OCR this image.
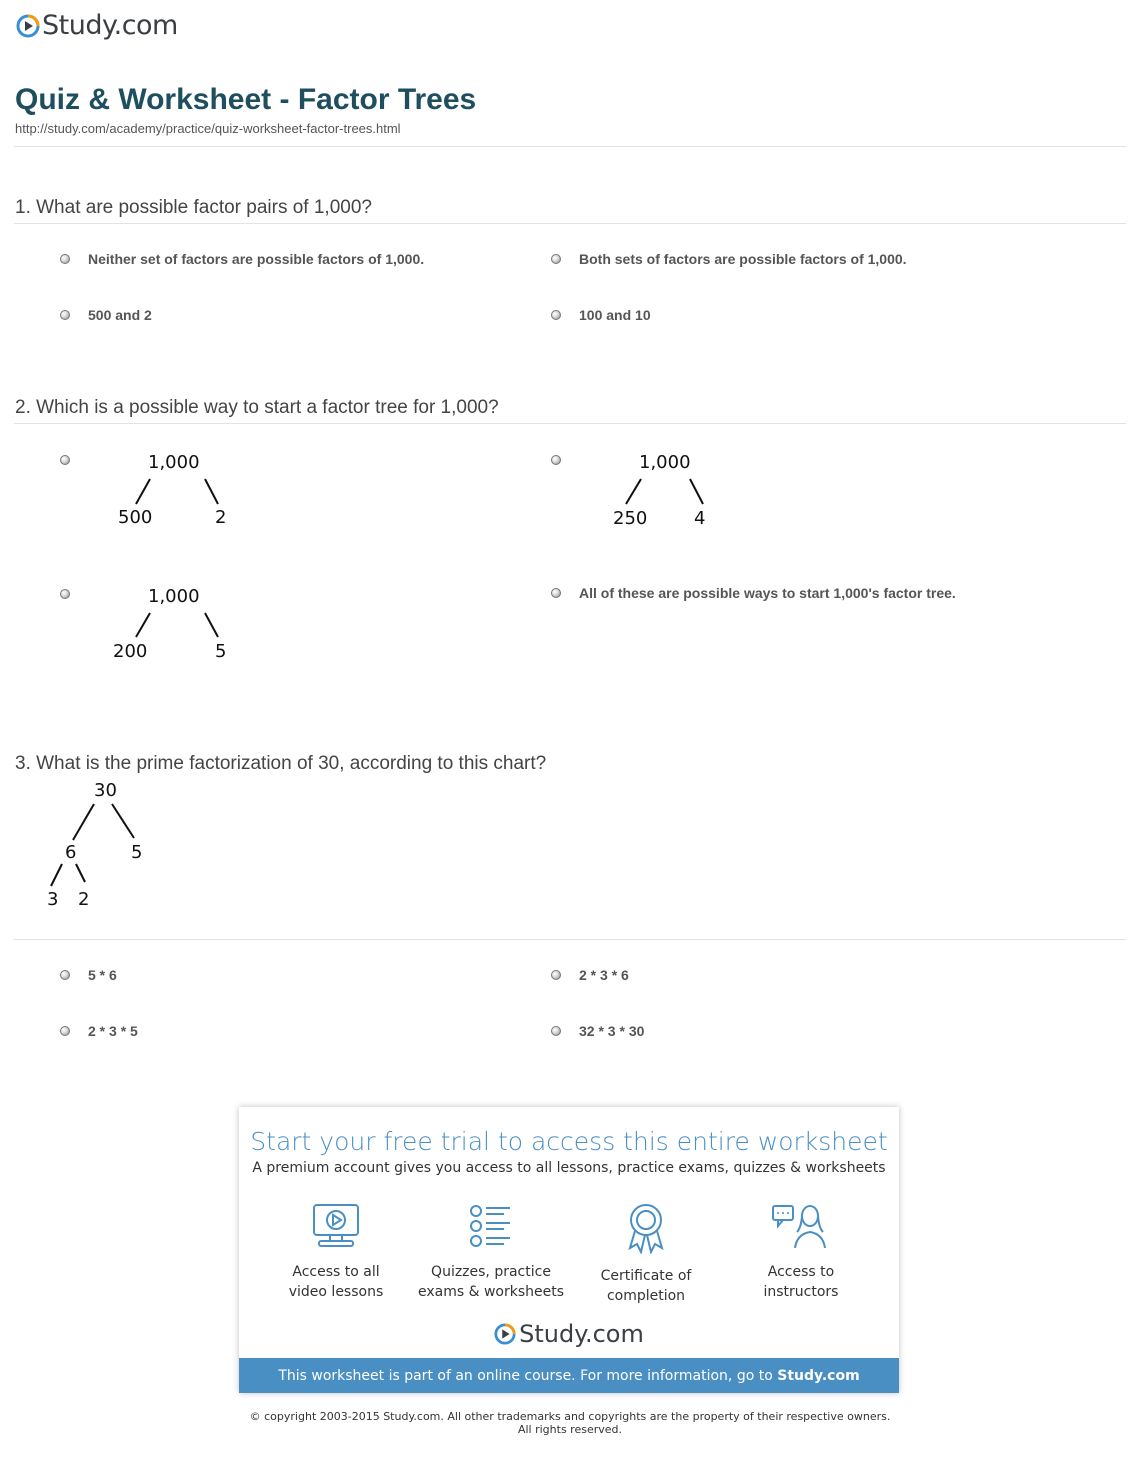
Study.com
Quiz & Worksheet - Factor Trees
http://study.com/academy/practice/quiz-worksheet-factor-trees.html
1. What are possible factor pairs of 1,000?
Neither set of factors are possible factors of 1,000.	Both sets of factors are possible factors of 1,000.
500 and 2	100 and 10
2. Which is a possible way to start a factor tree for 1,000?
1,000
500	2
1,000
250	4
1,000
200	5
All of these are possible ways to start 1,000's factor tree.
3. What is the prime factorization of 30, according to this chart?
30
6	5
3 2
5 * 6	2 * 3 * 6
2 * 3 * 5	32 * 3 * 30
Start your free trial to access this entire worksheet
A premium account gives you access to all lessons, practice exams, quizzes & worksheets
Access to all
video lessons
Quizzes, practice
exams & worksheets
Certificate of
completion
Access to
instructors
Study.com
This worksheet is part of an online course. For more information, go to Study.com
© copyright 2003-2015 Study.com. All other trademarks and copyrights are the property of their respective owners.
All rights reserved.
